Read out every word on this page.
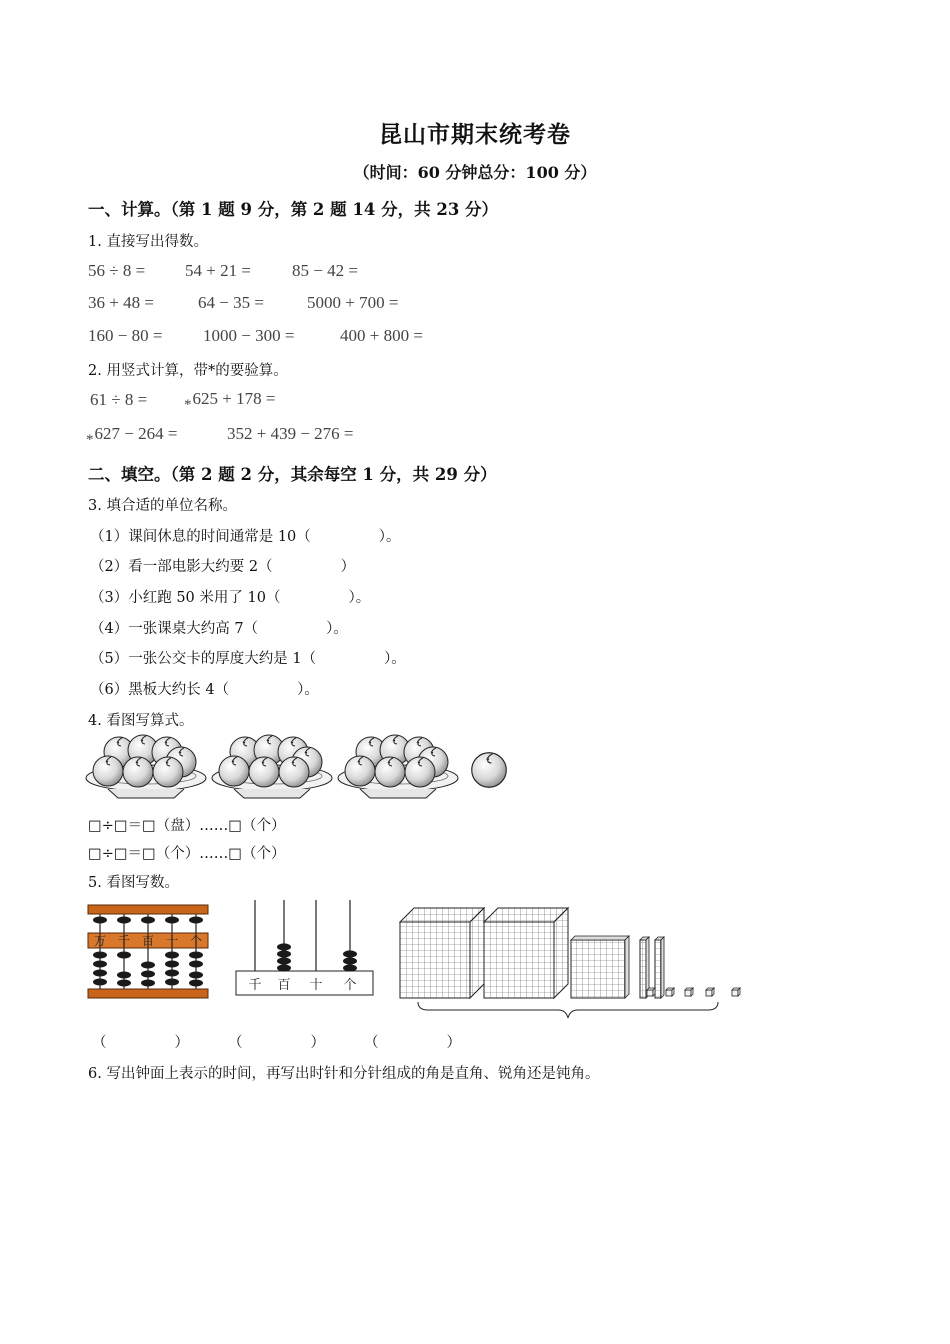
昆山市期末统考卷
（时间：60 分钟总分：100 分）
一、计算。（第 1 题 9 分，第 2 题 14 分，共 23 分）
1. 直接写出得数。
56 ÷ 8 = 54 + 21 = 85 − 42 =
36 + 48 =	64 − 35 =	5000 + 700 =
160 − 80 = 1000 − 300 =	400 + 800 =
2. 用竖式计算，带*的要验算。
61 ÷ 8 = *625 + 178 =
*627 − 264 =	352 + 439 − 276 =
二、填空。（第 2 题 2 分，其余每空 1 分，共 29 分）
3. 填合适的单位名称。
（1）课间休息的时间通常是 10（	）。
（2）看一部电影大约要 2（	）
（3）小红跑 50 米用了 10（	）。
（4）一张课桌大约高 7（	）。
（5）一张公交卡的厚度大约是 1（	）。
（6）黑板大约长 4（	）。
4. 看图写算式。
□÷□＝□（盘）……□（个）
□÷□＝□（个）……□（个）
5. 看图写数。
万 千 百 十 个
千 百 十 个
（	）	（	）	（	）
6. 写出钟面上表示的时间，再写出时针和分针组成的角是直角、锐角还是钝角。
